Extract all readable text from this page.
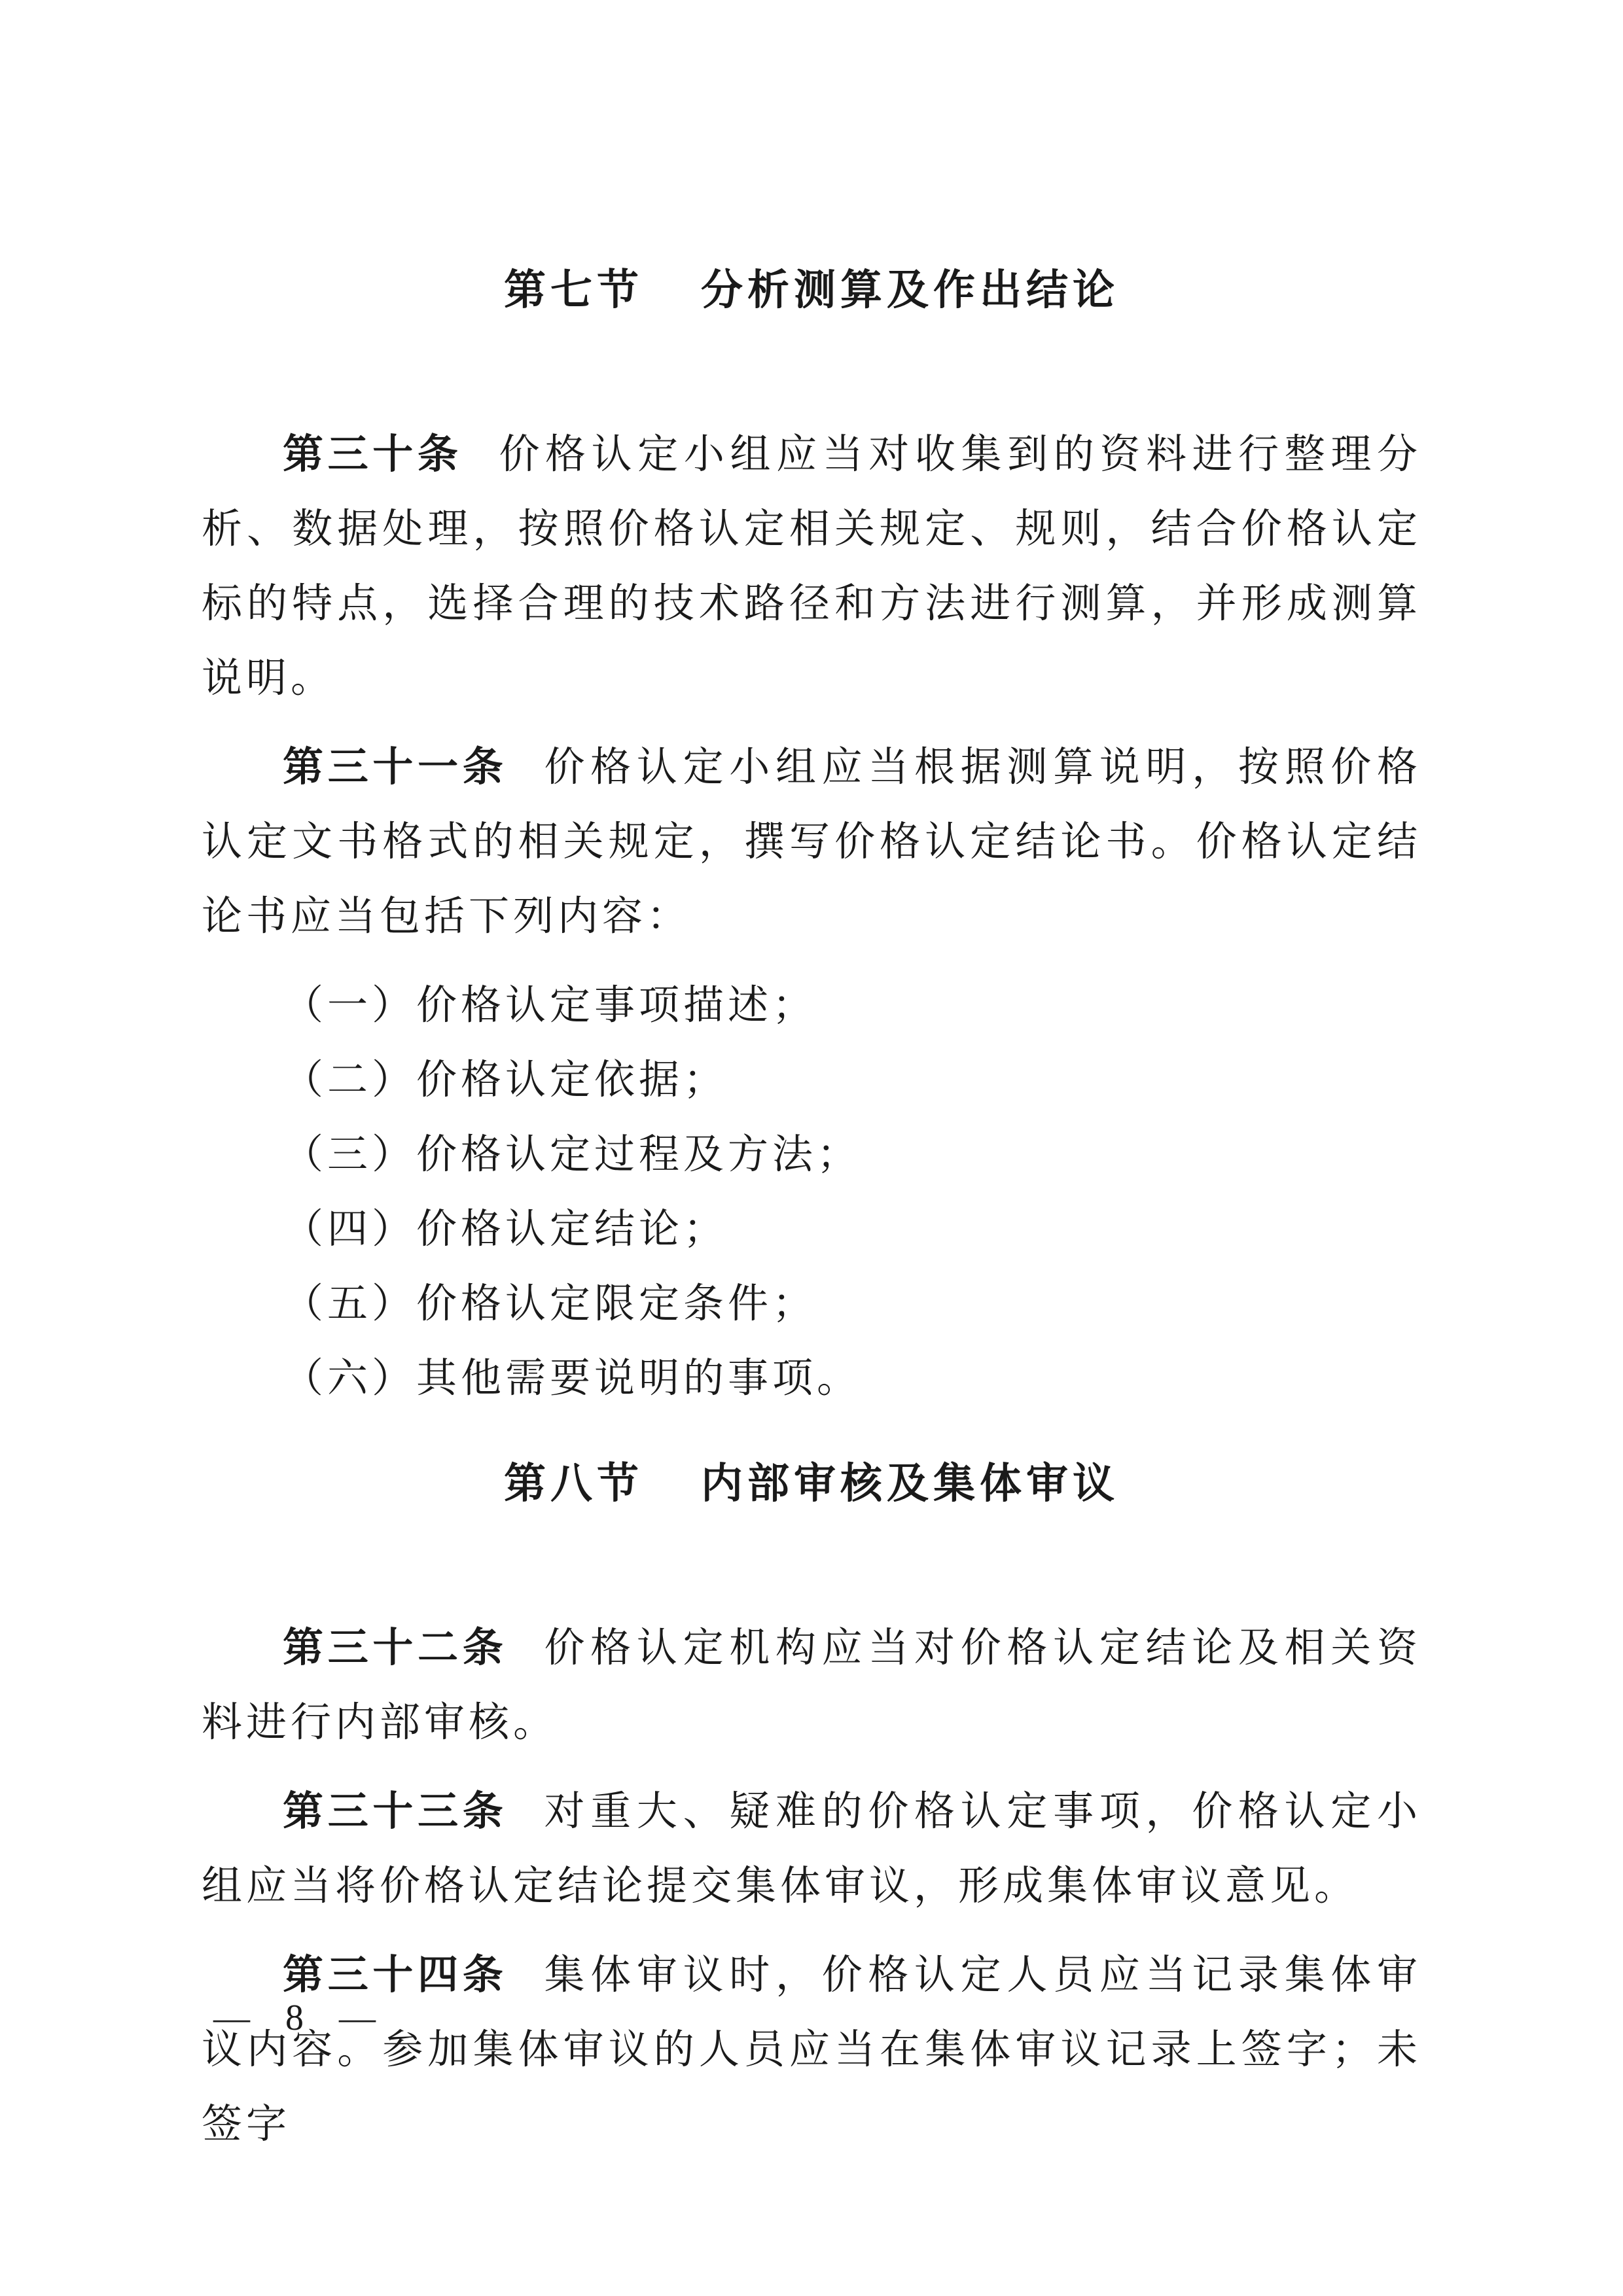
第七节 分析测算及作出结论

第三十条 价格认定小组应当对收集到的资料进行整理分析、数据处理，按照价格认定相关规定、规则，结合价格认定标的特点，选择合理的技术路径和方法进行测算，并形成测算说明。

第三十一条 价格认定小组应当根据测算说明，按照价格认定文书格式的相关规定，撰写价格认定结论书。价格认定结论书应当包括下列内容：

（一）价格认定事项描述；

（二）价格认定依据；

（三）价格认定过程及方法；

（四）价格认定结论；

（五）价格认定限定条件；

（六）其他需要说明的事项。

第八节 内部审核及集体审议

第三十二条 价格认定机构应当对价格认定结论及相关资料进行内部审核。

第三十三条 对重大、疑难的价格认定事项，价格认定小组应当将价格认定结论提交集体审议，形成集体审议意见。

第三十四条 集体审议时，价格认定人员应当记录集体审议内容。参加集体审议的人员应当在集体审议记录上签字；未签字

— 8 —
